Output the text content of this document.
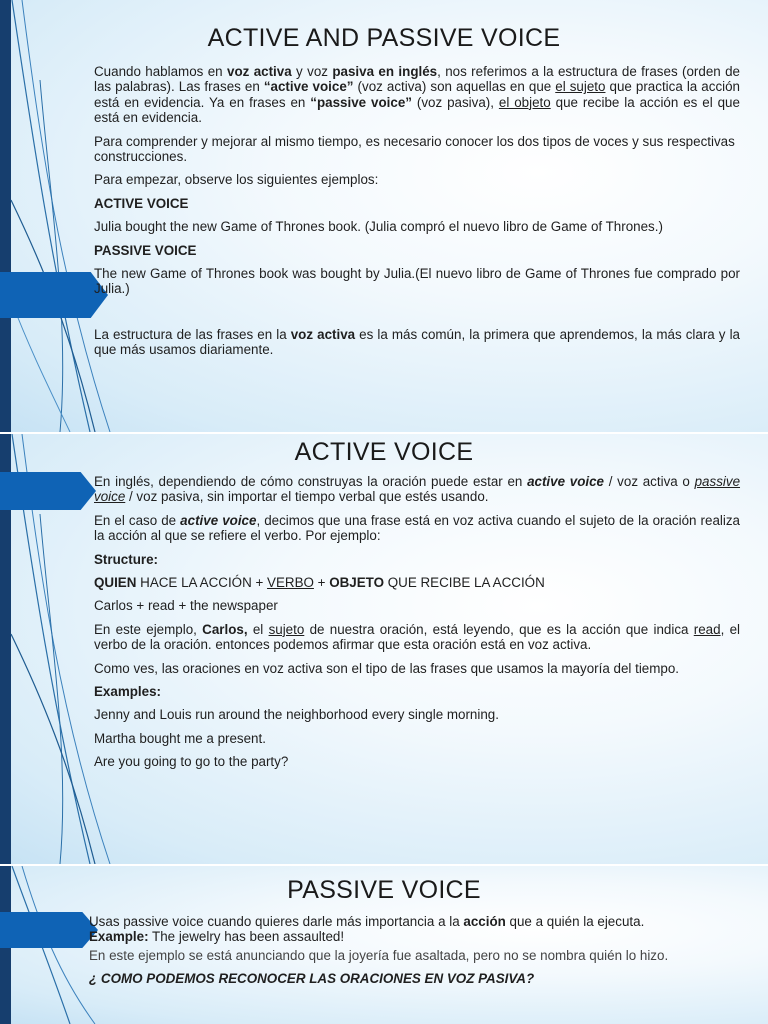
ACTIVE AND PASSIVE VOICE

Cuando hablamos en voz activa y voz pasiva en inglés, nos referimos a la estructura de frases (orden de las palabras). Las frases en “active voice” (voz activa) son aquellas en que el sujeto que practica la acción está en evidencia. Ya en frases en “passive voice” (voz pasiva), el objeto que recibe la acción es el que está en evidencia.

Para comprender y mejorar al mismo tiempo, es necesario conocer los dos tipos de voces y sus respectivas construcciones.

Para empezar, observe los siguientes ejemplos:

ACTIVE VOICE

Julia bought the new Game of Thrones book. (Julia compró el nuevo libro de Game of Thrones.)

PASSIVE VOICE

The new Game of Thrones book was bought by Julia.(El nuevo libro de Game of Thrones fue comprado por Julia.)

La estructura de las frases en la voz activa es la más común, la primera que aprendemos, la más clara y la que más usamos diariamente.

ACTIVE VOICE

En inglés, dependiendo de cómo construyas la oración puede estar en active voice / voz activa o passive voice / voz pasiva, sin importar el tiempo verbal que estés usando.

En el caso de active voice, decimos que una frase está en voz activa cuando el sujeto de la oración realiza la acción al que se refiere el verbo. Por ejemplo:

Structure:

QUIEN HACE LA ACCIÓN + VERBO + OBJETO QUE RECIBE LA ACCIÓN

Carlos + read + the newspaper

En este ejemplo, Carlos, el sujeto de nuestra oración, está leyendo, que es la acción que indica read, el verbo de la oración. entonces podemos afirmar que esta oración está en voz activa.

Como ves, las oraciones en voz activa son el tipo de las frases que usamos la mayoría del tiempo.

Examples:

Jenny and Louis run around the neighborhood every single morning.

Martha bought me a present.

Are you going to go to the party?

PASSIVE VOICE

Usas passive voice cuando quieres darle más importancia a la acción que a quién la ejecuta.
Example: The jewelry has been assaulted!

En este ejemplo se está anunciando que la joyería fue asaltada, pero no se nombra quién lo hizo.

¿ COMO PODEMOS RECONOCER LAS ORACIONES EN VOZ PASIVA?
